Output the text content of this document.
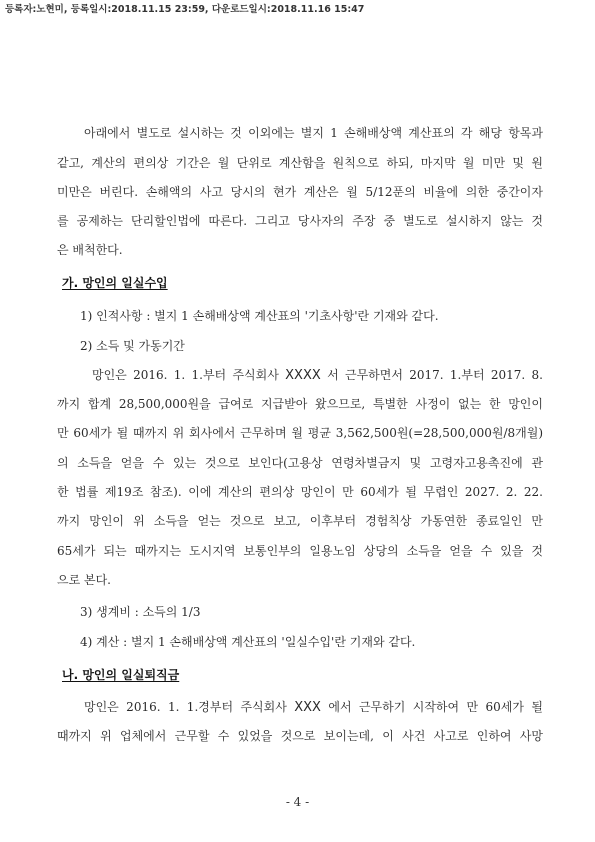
등록자:노현미, 등록일시:2018.11.15 23:59, 다운로드일시:2018.11.16 15:47
아래에서 별도로 설시하는 것 이외에는 별지 1 손해배상액 계산표의 각 해당 항목과
같고, 계산의 편의상 기간은 월 단위로 계산함을 원칙으로 하되, 마지막 월 미만 및 원
미만은 버린다. 손해액의 사고 당시의 현가 계산은 월 5/12푼의 비율에 의한 중간이자
를 공제하는 단리할인법에 따른다. 그리고 당사자의 주장 중 별도로 설시하지 않는 것
은 배척한다.
가. 망인의 일실수입
1) 인적사항 : 별지 1 손해배상액 계산표의 '기초사항'란 기재와 같다.
2) 소득 및 가동기간
망인은 2016. 1. 1.부터 주식회사 XXXX 서 근무하면서 2017. 1.부터 2017. 8.
까지 합계 28,500,000원을 급여로 지급받아 왔으므로, 특별한 사정이 없는 한 망인이
만 60세가 될 때까지 위 회사에서 근무하며 월 평균 3,562,500원(=28,500,000원/8개월)
의 소득을 얻을 수 있는 것으로 보인다(고용상 연령차별금지 및 고령자고용촉진에 관
한 법률 제19조 참조). 이에 계산의 편의상 망인이 만 60세가 될 무렵인 2027. 2. 22.
까지 망인이 위 소득을 얻는 것으로 보고, 이후부터 경험칙상 가동연한 종료일인 만
65세가 되는 때까지는 도시지역 보통인부의 일용노임 상당의 소득을 얻을 수 있을 것
으로 본다.
3) 생계비 : 소득의 1/3
4) 계산 : 별지 1 손해배상액 계산표의 '일실수입'란 기재와 같다.
나. 망인의 일실퇴직금
망인은 2016. 1. 1.경부터 주식회사 XXX 에서 근무하기 시작하여 만 60세가 될
때까지 위 업체에서 근무할 수 있었을 것으로 보이는데, 이 사건 사고로 인하여 사망
- 4 -
